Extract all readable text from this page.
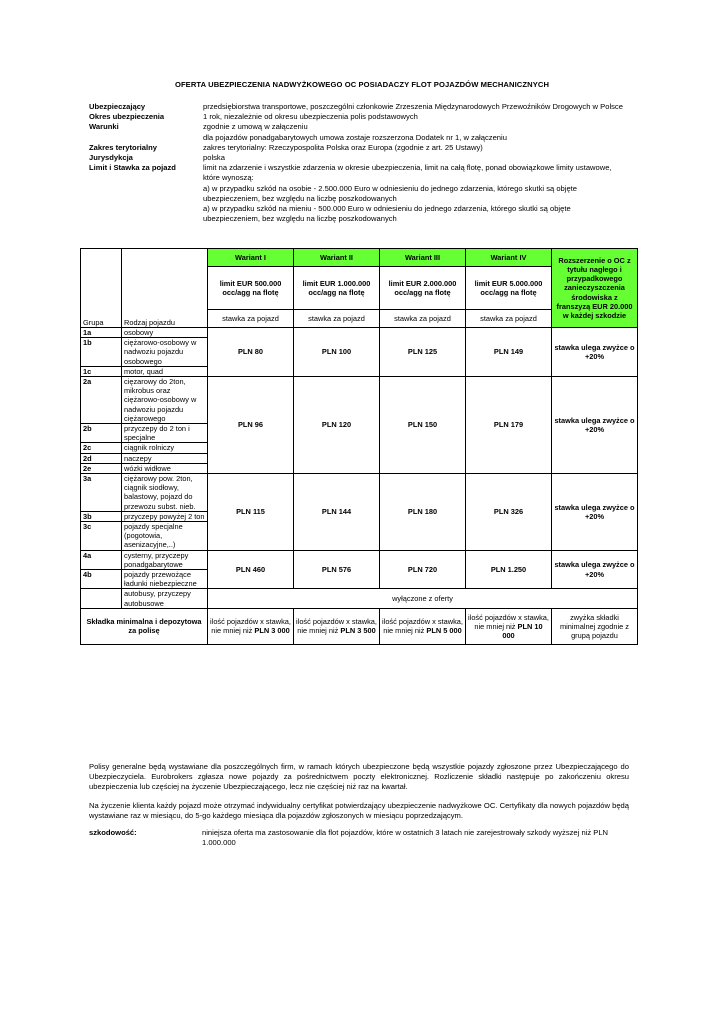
OFERTA UBEZPIECZENIA NADWYŻKOWEGO OC POSIADACZY FLOT POJAZDÓW MECHANICZNYCH
Ubezpieczający	przedsiębiorstwa transportowe, poszczególni członkowie Zrzeszenia Międzynarodowych Przewoźników Drogowych w Polsce
Okres ubezpieczenia	1 rok, niezależnie od okresu ubezpieczenia polis podstawowych
Warunki	zgodnie z umową w załączeniu
dla pojazdów ponadgabarytowych umowa zostaje rozszerzona Dodatek nr 1, w załączeniu
Zakres terytorialny	zakres terytorialny: Rzeczypospolita Polska oraz Europa (zgodnie z art. 25 Ustawy)
Jurysdykcja	polska
Limit i Stawka za pojazd	limit na zdarzenie i wszystkie zdarzenia w okresie ubezpieczenia, limit na całą flotę, ponad obowiązkowe limity ustawowe, które wynoszą:
a) w przypadku szkód na osobie - 2.500.000 Euro w odniesieniu do jednego zdarzenia, którego skutki są objęte ubezpieczeniem, bez względu na liczbę poszkodowanych
a) w przypadku szkód na mieniu - 500.000 Euro w odniesieniu do jednego zdarzenia, którego skutki są objęte ubezpieczeniem, bez względu na liczbę poszkodowanych
Grupa	Rodzaj pojazdu	Wariant I	Wariant II	Wariant III	Wariant IV	Rozszerzenie o OC z tytułu nagłego i przypadkowego zanieczyszczenia środowiska z franszyzą EUR 20.000 w każdej szkodzie
		limit EUR 500.000 occ/agg na flotę	limit EUR 1.000.000 occ/agg na flotę	limit EUR 2.000.000 occ/agg na flotę	limit EUR 5.000.000 occ/agg na flotę	
		stawka za pojazd	stawka za pojazd	stawka za pojazd	stawka za pojazd	
1a	osobowy	PLN 80	PLN 100	PLN 125	PLN 149	stawka ulega zwyżce o +20%
1b	ciężarowo-osobowy w nadwoziu pojazdu osobowego					
1c	motor, quad					
2a	cięzarowy do 2ton, mikrobus oraz ciężarowo-osobowy w nadwoziu pojazdu ciężarowego	PLN 96	PLN 120	PLN 150	PLN 179	stawka ulega zwyżce o +20%
2b	przyczepy do 2 ton i specjalne					
2c	ciągnik rolniczy					
2d	naczepy					
2e	wózki widłowe					
3a	ciężarowy pow. 2ton, ciągnik siodłowy, balastowy, pojazd do przewozu subst. nieb.	PLN 115	PLN 144	PLN 180	PLN 326	stawka ulega zwyżce o +20%
3b	przyczepy powyżej 2 ton					
3c	pojazdy specjalne (pogotowia, asenizacyjne,..)					
4a	cysterny, przyczepy ponadgabarytowe	PLN 460	PLN 576	PLN 720	PLN 1.250	stawka ulega zwyżce o +20%
4b	pojazdy przewożące ładunki niebezpieczne					
	autobusy, przyczepy autobusowe	wyłączone z oferty				
Składka minimalna i depozytowa za polisę		ilość pojazdów x stawka, nie mniej niż PLN 3 000	ilość pojazdów x stawka, nie mniej niż PLN 3 500	ilość pojazdów x stawka, nie mniej niż PLN 5 000	ilość pojazdów x stawka, nie mniej niż PLN 10 000	zwyżka składki minimalnej zgodnie z grupą pojazdu
Polisy generalne będą wystawiane dla poszczególnych firm, w ramach których ubezpieczone będą wszystkie pojazdy zgłoszone przez Ubezpieczającego do Ubezpieczyciela. Eurobrokers zgłasza nowe pojazdy za pośrednictwem poczty elektronicznej. Rozliczenie składki następuje po zakończeniu okresu ubezpieczenia lub częściej na życzenie Ubezpieczającego, lecz nie częściej niż raz na kwartał.
Na życzenie klienta każdy pojazd może otrzymać indywidualny certyfikat potwierdzający ubezpieczenie nadwyżkowe OC. Certyfikaty dla nowych pojazdów będą wystawiane raz w miesiącu, do 5-go każdego miesiąca dla pojazdów zgłoszonych w miesiącu poprzedzającym.
szkodowość:	niniejsza oferta ma zastosowanie dla flot pojazdów, które w ostatnich 3 latach nie zarejestrowały szkody wyższej niż PLN 1.000.000
